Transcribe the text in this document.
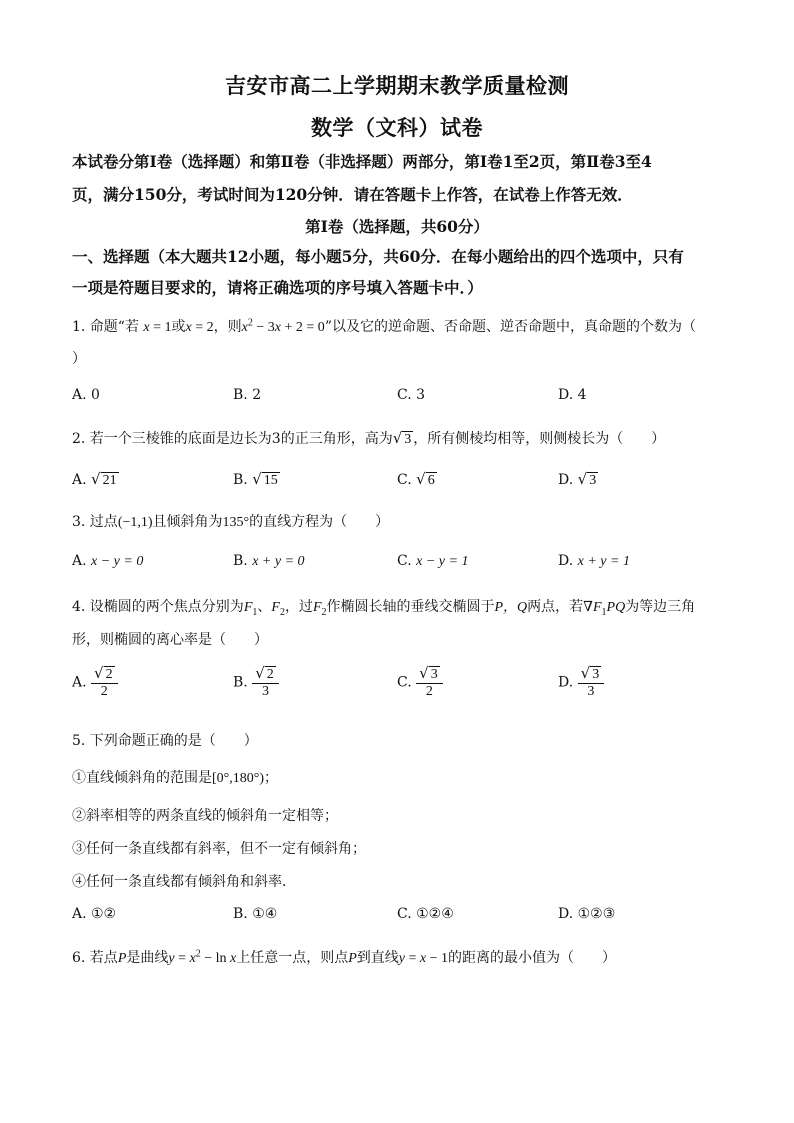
吉安市高二上学期期末教学质量检测
数学（文科）试卷
本试卷分第Ⅰ卷（选择题）和第Ⅱ卷（非选择题）两部分，第Ⅰ卷1至2页，第Ⅱ卷3至4
页，满分150分，考试时间为120分钟．请在答题卡上作答，在试卷上作答无效．
第Ⅰ卷（选择题，共60分）
一、选择题（本大题共12小题，每小题5分，共60分．在每小题给出的四个选项中，只有
一项是符题目要求的，请将正确选项的序号填入答题卡中．）
1. 命题“若 x = 1或x = 2，则$x^2 - 3x + 2 = 0$”以及它的逆命题、否命题、逆否命题中，真命题的个数为（
）
A. 0	B. 2	C. 3	D. 4
2. 若一个三棱锥的底面是边长为3的正三角形，高为√ 3 ，所有侧棱均相等，则侧棱长为（　　）
A. √ 21	B. √ 15	C. √ 6	D. √ 3
3. 过点(−1,1)且倾斜角为135°的直线方程为（　　）
A. x − y = 0	B. x + y = 0	C. x − y = 1	D. x + y = 1
4. 设椭圆的两个焦点分别为$F_1$、$F_2$，过$F_2$作椭圆长轴的垂线交椭圆于P，Q两点，若$\nabla F_1PQ$为等边三角
形，则椭圆的离心率是（　　）
A. $\frac{√ 2}{2}$	B. $\frac{√ 2}{3}$	C. $\frac{√ 3}{2}$	D. $\frac{√ 3}{3}$
5. 下列命题正确的是（　　）
①直线倾斜角的范围是[0°,180°)；
②斜率相等的两条直线的倾斜角一定相等；
③任何一条直线都有斜率，但不一定有倾斜角；
④任何一条直线都有倾斜角和斜率．
A. ①②	B. ①④	C. ①②④	D. ①②③
6. 若点P是曲线$y = x^2 - \ln x$上任意一点，则点P到直线y = x − 1的距离的最小值为（　　）
